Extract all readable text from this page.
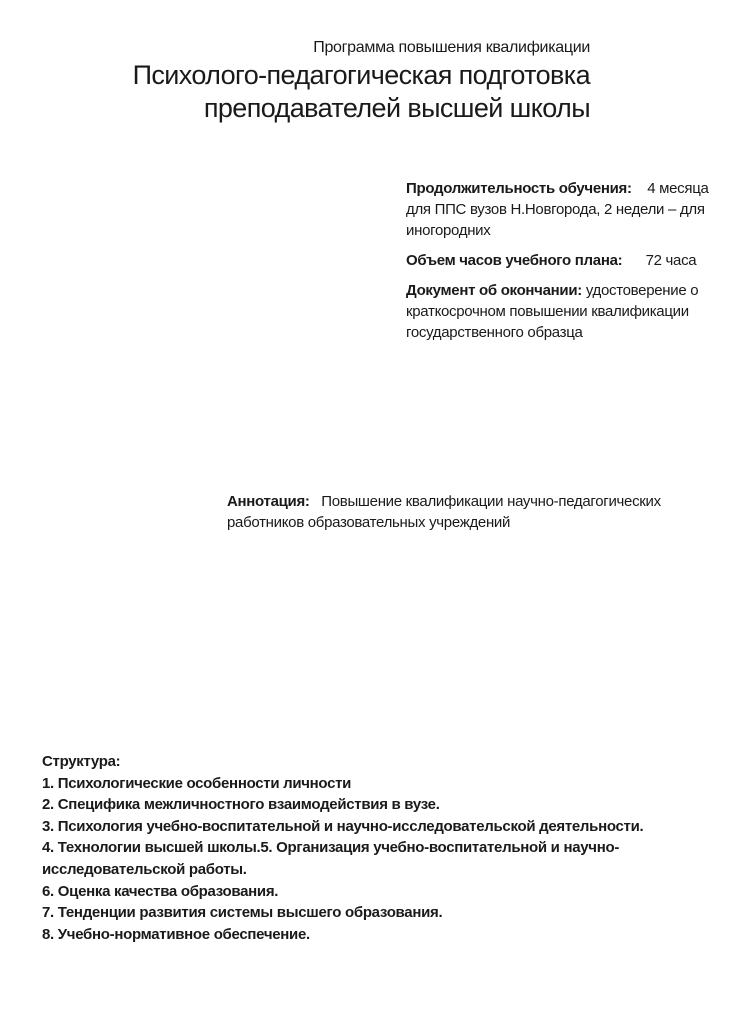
Программа повышения квалификации
Психолого-педагогическая подготовка
преподавателей высшей школы
Продолжительность обучения: 4 месяца для ППС вузов Н.Новгорода, 2 недели – для иногородних
Объем часов учебного плана: 72 часа
Документ об окончании: удостоверение о краткосрочном повышении квалификации государственного образца
Аннотация: Повышение квалификации научно-педагогических работников образовательных учреждений
Структура:
1. Психологические особенности личности
2. Специфика межличностного взаимодействия в вузе.
3. Психология учебно-воспитательной и научно-исследовательской деятельности.
4. Технологии высшей школы.5. Организация учебно-воспитательной и научно-исследовательской работы.
6. Оценка качества образования.
7. Тенденции развития системы высшего образования.
8. Учебно-нормативное обеспечение.
